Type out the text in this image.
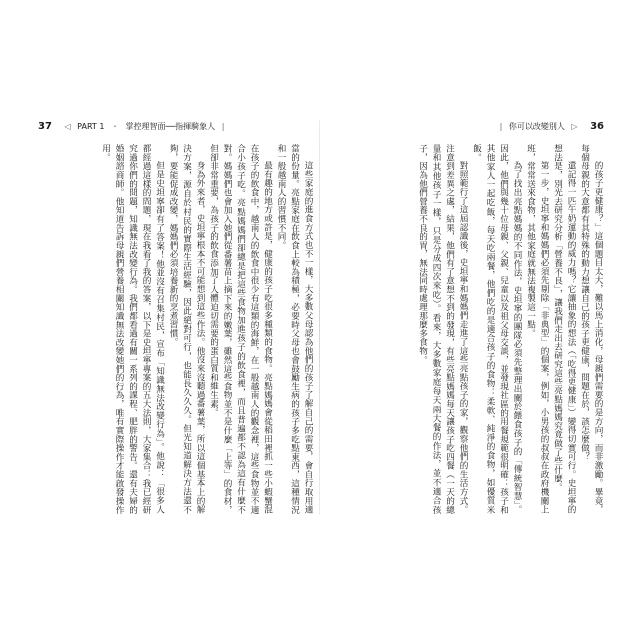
37 ◁ PART 1 ・ 掌控理智面──指揮騎象人 |

這些家庭的進食方式也不一樣，大多數父母認為他們的孩子了解自己的需要，會自行取用適當的份量。亮點家庭在飲食上較為積極，必要時父母也會鼓勵生病的孩子多吃點東西，這種情況和一般越南人的習慣不同。

最有趣的地方或許是，健康的孩子吃很多種類的食物。亮點媽媽會從稻田裡抓一些小蝦蟹混在孩子的飲食中，越南人的飲食中很少有這類的海鮮，在一般越南人的觀念裡，這些食物並不適合小孩子吃。亮點媽媽們卻總是把這些食物加進孩子的飲食裡，而且普遍都不認為這有什麼不對。媽媽們也會加入她們從番薯苗上摘下來的嫩葉，雖然這些食物並不是什麼「上等」的食材，但卻非常重要，為孩子的飲食添加了人體迫切需要的蛋白質和維生素。

身為外來者，史坦寧根本不可能想到這些作法。他沒來沒聽過番薯葉，所以這個基本上的解決方案，源自於村民的實際生活經驗，因此絕對可行，也能長久久久。但光知道解決方法還不夠，要能促成改變，媽媽們必須培養新的烹煮習慣。

但是史坦寧卻有了答案！他並沒有召集村民，宣布「知識無法改變行為」。他說：「很多人都經過這樣的問題，現在我看了我的答案，以下是史坦寧專案的五大法則，大家集合：我已經研究過你們的問題，知識無法改變行為。我們都看過有關一系列的課程、肥胖的警告。還有夫婦的婚姻諮商師。他知道告訴母親們營養相關知識無法改變她們的行為，唯有實際操作才能啟發操作用。

| 你可以改變別人 ▷ 36

的孩子更健康？」這個題目太大，難以馬上消化，母親們需要的是方向，而非激勵。畢竟，每個母親的大意都有其特殊的動力想讓自己的孩子更健康，問題在於，該怎麼做？

還記得一匹午奶運動的威力嗎？它讓抽象的想法（「吃得更健康」）變得切實可行。史坦寧的想法是，別光去研究分析「營養不良」，讓我們走出去研究這些亮點媽媽究竟做了些什麼。

第一步，史坦寧和媽媽們必須先剔除「非典型」的個案，例如，小男孩的叔叔在政府機關上班，常常送來食物，其他家庭就無法複製這一點。

為了找出亮點媽媽的不同作法，史坦寧的團隊必須先整理出關於餵食孩子的「傳統智慧」。因此，他們與幾十位母親、父親、兒童以及祖父母交談，並發現社區的用餐規範很明確：孩子和其他家人一起吃飯，每天吃兩餐，他們吃的是適合孩子的食物：柔軟、純淨的食物，如優質米飯。

對照範行了這屆認識後，史坦寧和媽媽們走進了這些亮點孩子的家，觀察他們的生活方式。注意到差異之處，結果，他們有了意想不到的發現，有些亮點媽媽每天讓孩子吃四餐（一天的總量和其他孩子一樣，只是分成四次來吃）。看來，大多數家庭每天兩大餐的作法，並不適合孩子，因為他們營養不良的胃，無法同時處理那麼多食物。
